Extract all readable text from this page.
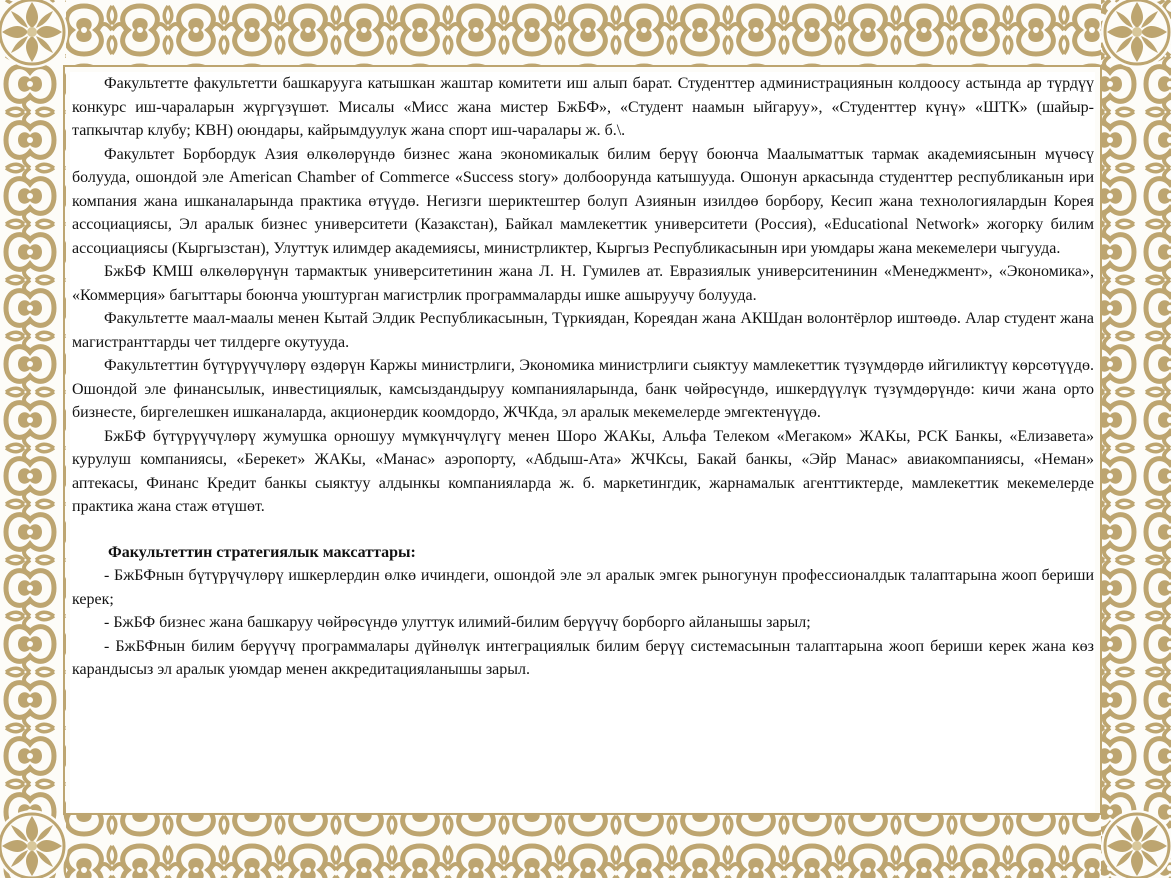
Факультетте факультетти башкарууга катышкан жаштар комитети иш алып барат. Студенттер администрациянын колдоосу астында ар түрдүү конкурс иш-чараларын жүргүзүшөт. Мисалы «Мисс жана мистер БжБФ», «Студент наамын ыйгаруу», «Студенттер күнү» «ШТК» (шайыр-тапкычтар клубу; КВН) оюндары, кайрымдуулук жана спорт иш-чаралары ж. б.\.

Факультет Борбордук Азия өлкөлөрүндө бизнес жана экономикалык билим берүү боюнча Маалыматтык тармак академиясынын мүчөсү болууда, ошондой эле American Chamber of Commerce «Success story» долбоорунда катышууда. Ошонун аркасында студенттер республиканын ири компания жана ишканаларында практика өтүүдө. Негизги шериктештер болуп Азиянын изилдөө борбору, Кесип жана технологиялардын Корея ассоциациясы, Эл аралык бизнес университети (Казакстан), Байкал мамлекеттик университети (Россия), «Educational Network» жогорку билим ассоциациясы (Кыргызстан), Улуттук илимдер академиясы, министрликтер, Кыргыз Республикасынын ири уюмдары жана мекемелери чыгууда.

БжБФ КМШ өлкөлөрүнүн тармактык университетинин жана Л. Н. Гумилев ат. Евразиялык университенинин «Менеджмент», «Экономика», «Коммерция» багыттары боюнча уюштурган магистрлик программаларды ишке ашыруучу болууда.

Факультетте маал-маалы менен Кытай Элдик Республикасынын, Түркиядан, Кореядан жана АКШдан волонтёрлор иштөөдө. Алар студент жана магистранттарды чет тилдерге окутууда.

Факультеттин бүтүрүүчүлөрү өздөрүн Каржы министрлиги, Экономика министрлиги сыяктуу мамлекеттик түзүмдөрдө ийгиликтүү көрсөтүүдө. Ошондой эле финансылык, инвестициялык, камсыздандыруу компанияларында, банк чөйрөсүндө, ишкердүүлүк түзүмдөрүндө: кичи жана орто бизнесте, биргелешкен ишканаларда, акционердик коомдордо, ЖЧКда, эл аралык мекемелерде эмгектенүүдө.

БжБФ бүтүрүүчүлөрү жумушка орношуу мүмкүнчүлүгү менен Шоро ЖАКы, Альфа Телеком «Мегаком» ЖАКы, РСК Банкы, «Елизавета» курулуш компаниясы, «Берекет» ЖАКы, «Манас» аэропорту, «Абдыш-Ата» ЖЧКсы, Бакай банкы, «Эйр Манас» авиакомпаниясы, «Неман» аптекасы, Финанс Кредит банкы сыяктуу алдынкы компанияларда ж. б. маркетингдик, жарнамалык агенттиктерде, мамлекеттик мекемелерде практика жана стаж өтүшөт.

Факультеттин стратегиялык максаттары:

- БжБФнын бүтүрүчүлөрү ишкерлердин өлкө ичиндеги, ошондой эле эл аралык эмгек рыногунун профессионалдык талаптарына жооп бериши керек;

- БжБФ бизнес жана башкаруу чөйрөсүндө улуттук илимий-билим берүүчү борборго айланышы зарыл;

- БжБФнын билим берүүчү программалары дүйнөлүк интеграциялык билим берүү системасынын талаптарына жооп бериши керек жана көз карандысыз эл аралык уюмдар менен аккредитацияланышы зарыл.
